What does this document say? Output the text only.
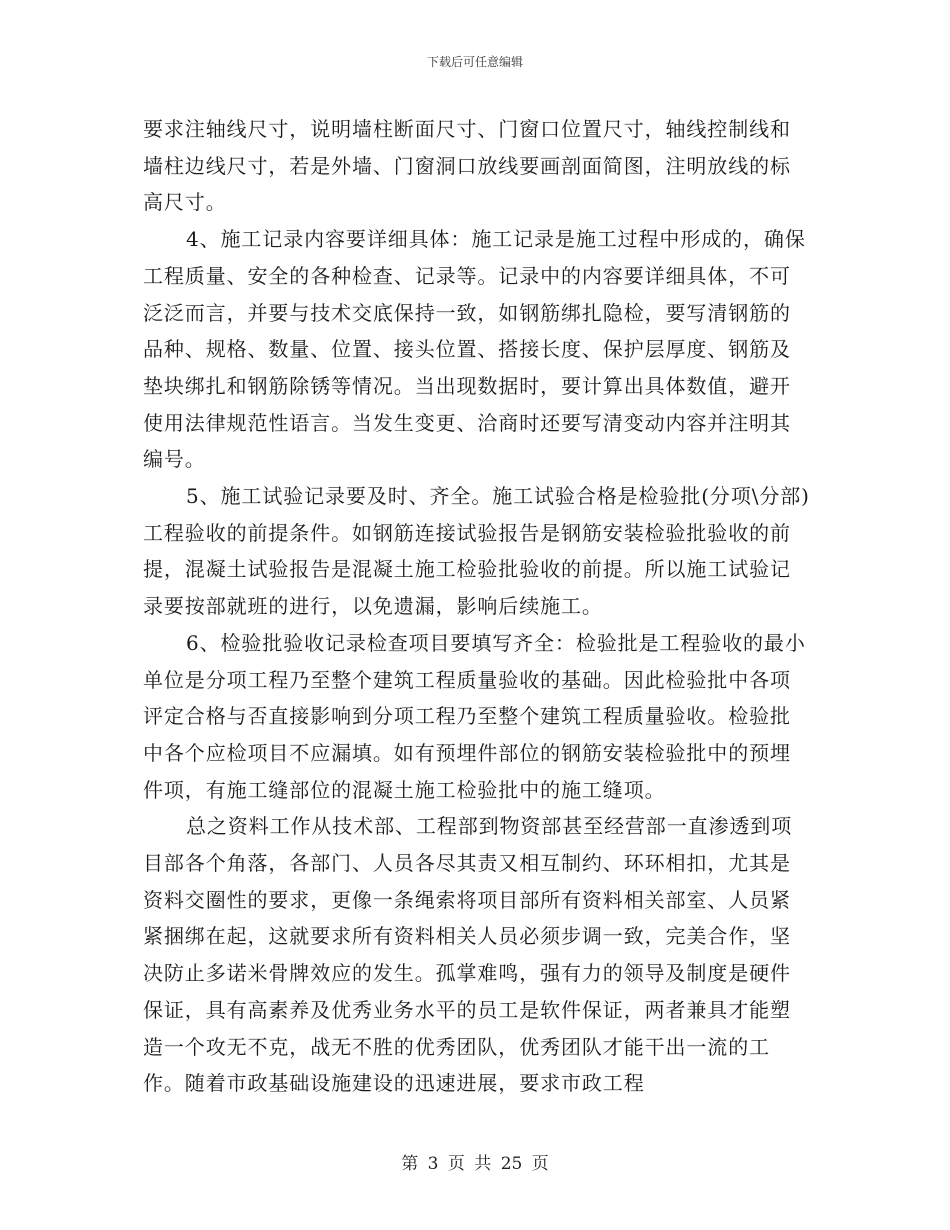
下载后可任意编辑

要求注轴线尺寸，说明墙柱断面尺寸、门窗口位置尺寸，轴线控制线和墙柱边线尺寸，若是外墙、门窗洞口放线要画剖面简图，注明放线的标高尺寸。

4、施工记录内容要详细具体：施工记录是施工过程中形成的，确保工程质量、安全的各种检查、记录等。记录中的内容要详细具体，不可泛泛而言，并要与技术交底保持一致，如钢筋绑扎隐检，要写清钢筋的品种、规格、数量、位置、接头位置、搭接长度、保护层厚度、钢筋及垫块绑扎和钢筋除锈等情况。当出现数据时，要计算出具体数值，避开使用法律规范性语言。当发生变更、洽商时还要写清变动内容并注明其编号。

5、施工试验记录要及时、齐全。施工试验合格是检验批(分项\分部)工程验收的前提条件。如钢筋连接试验报告是钢筋安装检验批验收的前提，混凝土试验报告是混凝土施工检验批验收的前提。所以施工试验记录要按部就班的进行，以免遗漏，影响后续施工。

6、检验批验收记录检查项目要填写齐全：检验批是工程验收的最小单位是分项工程乃至整个建筑工程质量验收的基础。因此检验批中各项评定合格与否直接影响到分项工程乃至整个建筑工程质量验收。检验批中各个应检项目不应漏填。如有预埋件部位的钢筋安装检验批中的预埋件项，有施工缝部位的混凝土施工检验批中的施工缝项。

总之资料工作从技术部、工程部到物资部甚至经营部一直渗透到项目部各个角落，各部门、人员各尽其责又相互制约、环环相扣，尤其是资料交圈性的要求，更像一条绳索将项目部所有资料相关部室、人员紧紧捆绑在起，这就要求所有资料相关人员必须步调一致，完美合作，坚决防止多诺米骨牌效应的发生。孤掌难鸣，强有力的领导及制度是硬件保证，具有高素养及优秀业务水平的员工是软件保证，两者兼具才能塑造一个攻无不克，战无不胜的优秀团队，优秀团队才能干出一流的工作。随着市政基础设施建设的迅速进展，要求市政工程

第 3 页 共 25 页
